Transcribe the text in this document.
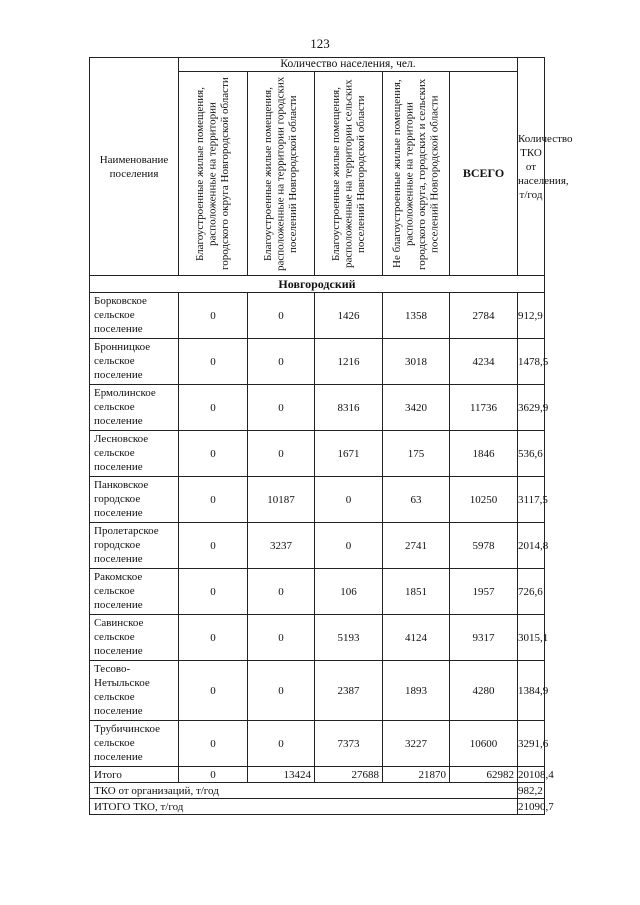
123
Наименование поселения	Количество населения, чел.					Количество ТКО от населения, т/год

	Благоустроенные жилые помещения, расположенные на территории городского округа Новгородской области	Благоустроенные жилые помещения, расположенные на территории городских поселений Новгородской области	Благоустроенные жилые помещения, расположенные на территории сельских поселений Новгородской области	Не благоустроенные жилые помещения, расположенные на территории городского округа, городских и сельских поселений Новгородской области	ВСЕГО	
Новгородский						
Борковское сельское поселение	0	0	1426	1358	2784	912,9
Бронницкое сельское поселение	0	0	1216	3018	4234	1478,5
Ермолинское сельское поселение	0	0	8316	3420	11736	3629,9
Лесновское сельское поселение	0	0	1671	175	1846	536,6
Панковское городское поселение	0	10187	0	63	10250	3117,5
Пролетарское городское поселение	0	3237	0	2741	5978	2014,8
Ракомское сельское поселение	0	0	106	1851	1957	726,6
Савинское сельское поселение	0	0	5193	4124	9317	3015,1
Тесово-Нетыльское сельское поселение	0	0	2387	1893	4280	1384,9
Трубичинское сельское поселение	0	0	7373	3227	10600	3291,6
Итого	0	13424	27688	21870	62982	20108,4
ТКО от организаций, т/год						982,2
ИТОГО ТКО, т/год						21090,7
